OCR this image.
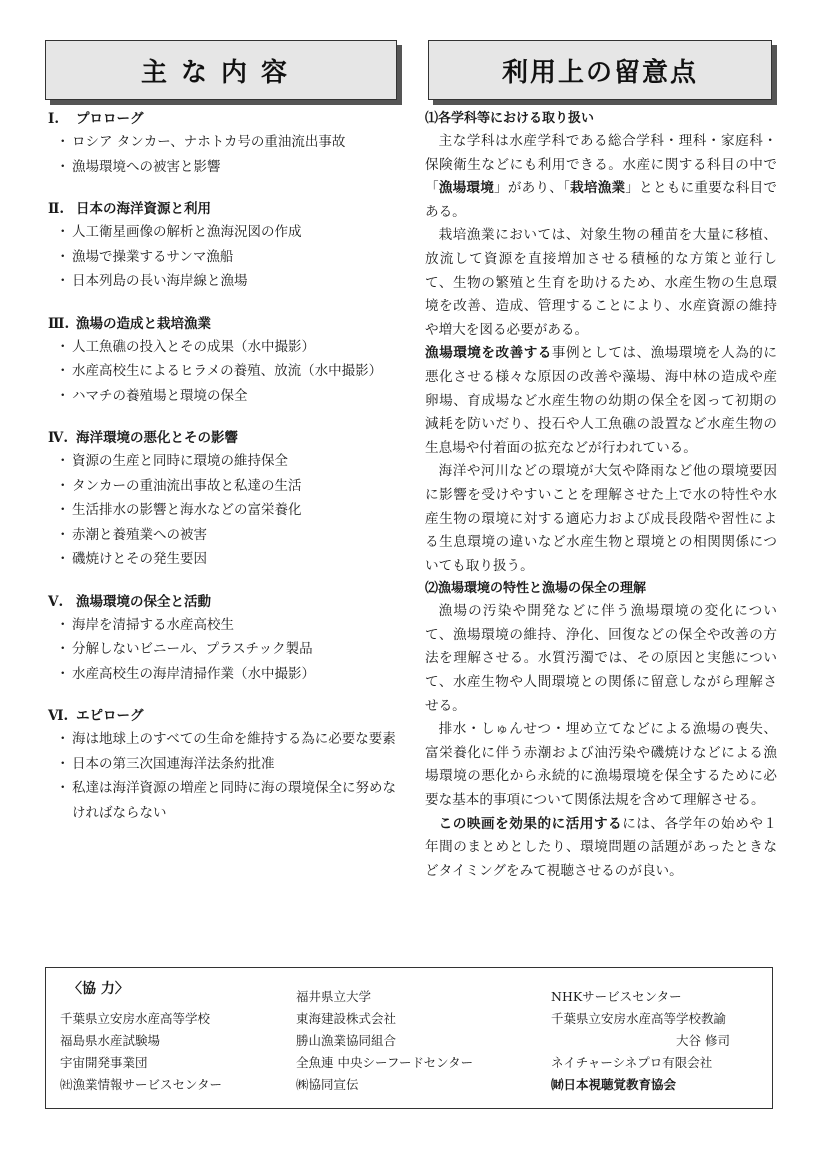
主な内容	利用上の留意点
Ⅰ. プロローグ
・ ロシア タンカー、ナホトカ号の重油流出事故
・ 漁場環境への被害と影響
Ⅱ. 日本の海洋資源と利用
・ 人工衛星画像の解析と漁海況図の作成
・ 漁場で操業するサンマ漁船
・ 日本列島の長い海岸線と漁場
Ⅲ. 漁場の造成と栽培漁業
・ 人工魚礁の投入とその成果（水中撮影）
・ 水産高校生によるヒラメの養殖、放流（水中撮影）
・ ハマチの養殖場と環境の保全
Ⅳ. 海洋環境の悪化とその影響
・ 資源の生産と同時に環境の維持保全
・ タンカーの重油流出事故と私達の生活
・ 生活排水の影響と海水などの富栄養化
・ 赤潮と養殖業への被害
・ 磯焼けとその発生要因
Ⅴ. 漁場環境の保全と活動
・ 海岸を清掃する水産高校生
・ 分解しないビニール、プラスチック製品
・ 水産高校生の海岸清掃作業（水中撮影）
Ⅵ. エピローグ
・ 海は地球上のすべての生命を維持する為に必要な要素
・ 日本の第三次国連海洋法条約批准
・ 私達は海洋資源の増産と同時に海の環境保全に努めなければならない
⑴各学科等における取り扱い

主な学科は水産学科である総合学科・理科・家庭科・保険衛生などにも利用できる。水産に関する科目の中で「漁場環境」があり、「栽培漁業」とともに重要な科目である。

栽培漁業においては、対象生物の種苗を大量に移植、放流して資源を直接増加させる積極的な方策と並行して、生物の繁殖と生育を助けるため、水産生物の生息環境を改善、造成、管理することにより、水産資源の維持や増大を図る必要がある。

漁場環境を改善する事例としては、漁場環境を人為的に悪化させる様々な原因の改善や藻場、海中林の造成や産卵場、育成場など水産生物の幼期の保全を図って初期の減耗を防いだり、投石や人工魚礁の設置など水産生物の生息場や付着面の拡充などが行われている。

海洋や河川などの環境が大気や降雨など他の環境要因に影響を受けやすいことを理解させた上で水の特性や水産生物の環境に対する適応力および成長段階や習性による生息環境の違いなど水産生物と環境との相関関係についても取り扱う。

⑵漁場環境の特性と漁場の保全の理解

漁場の汚染や開発などに伴う漁場環境の変化について、漁場環境の維持、浄化、回復などの保全や改善の方法を理解させる。水質汚濁では、その原因と実態について、水産生物や人間環境との関係に留意しながら理解させる。

排水・しゅんせつ・埋め立てなどによる漁場の喪失、富栄養化に伴う赤潮および油汚染や磯焼けなどによる漁場環境の悪化から永続的に漁場環境を保全するために必要な基本的事項について関係法規を含めて理解させる。

この映画を効果的に活用するには、各学年の始めや１年間のまとめとしたり、環境問題の話題があったときなどタイミングをみて視聴させるのが良い。

〈協 力〉
千葉県立安房水産高等学校
福島県水産試験場
宇宙開発事業団
㈳漁業情報サービスセンター
福井県立大学
東海建設株式会社
勝山漁業協同組合
全魚連 中央シーフードセンター
㈱協同宣伝
NHKサービスセンター
千葉県立安房水産高等学校教諭
大谷 修司
ネイチャーシネプロ有限会社
㈶日本視聴覚教育協会
